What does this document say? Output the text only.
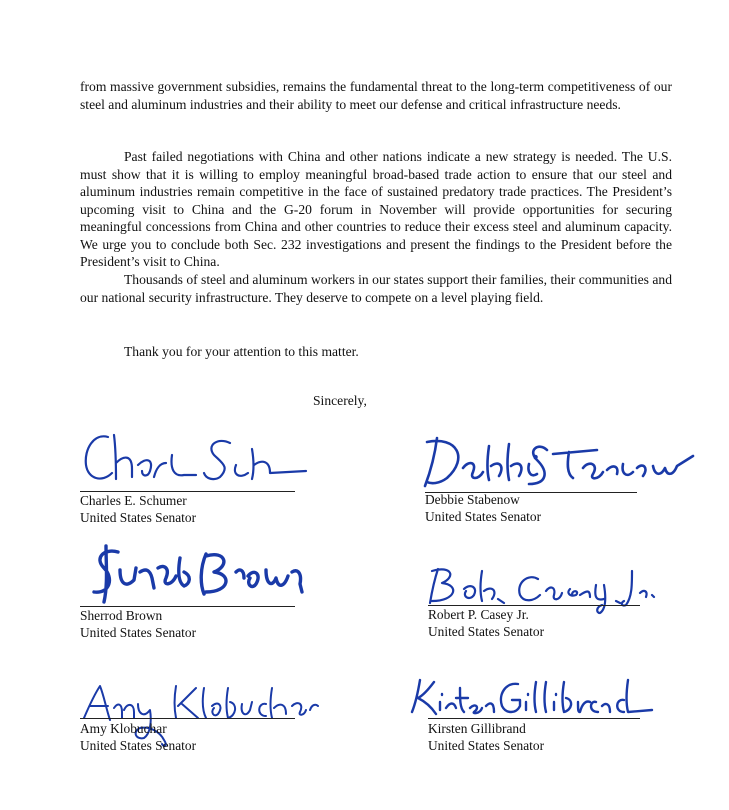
from massive government subsidies, remains the fundamental threat to the long-term competitiveness of our steel and aluminum industries and their ability to meet our defense and critical infrastructure needs.

Past failed negotiations with China and other nations indicate a new strategy is needed. The U.S. must show that it is willing to employ meaningful broad-based trade action to ensure that our steel and aluminum industries remain competitive in the face of sustained predatory trade practices. The President’s upcoming visit to China and the G-20 forum in November will provide opportunities for securing meaningful concessions from China and other countries to reduce their excess steel and aluminum capacity. We urge you to conclude both Sec. 232 investigations and present the findings to the President before the President’s visit to China.

Thousands of steel and aluminum workers in our states support their families, their communities and our national security infrastructure. They deserve to compete on a level playing field.

Thank you for your attention to this matter.

Sincerely,
Charles E. Schumer
United States Senator
Debbie Stabenow
United States Senator
Sherrod Brown
United States Senator
Robert P. Casey Jr.
United States Senator
Amy Klobuchar
United States Senator
Kirsten Gillibrand
United States Senator
